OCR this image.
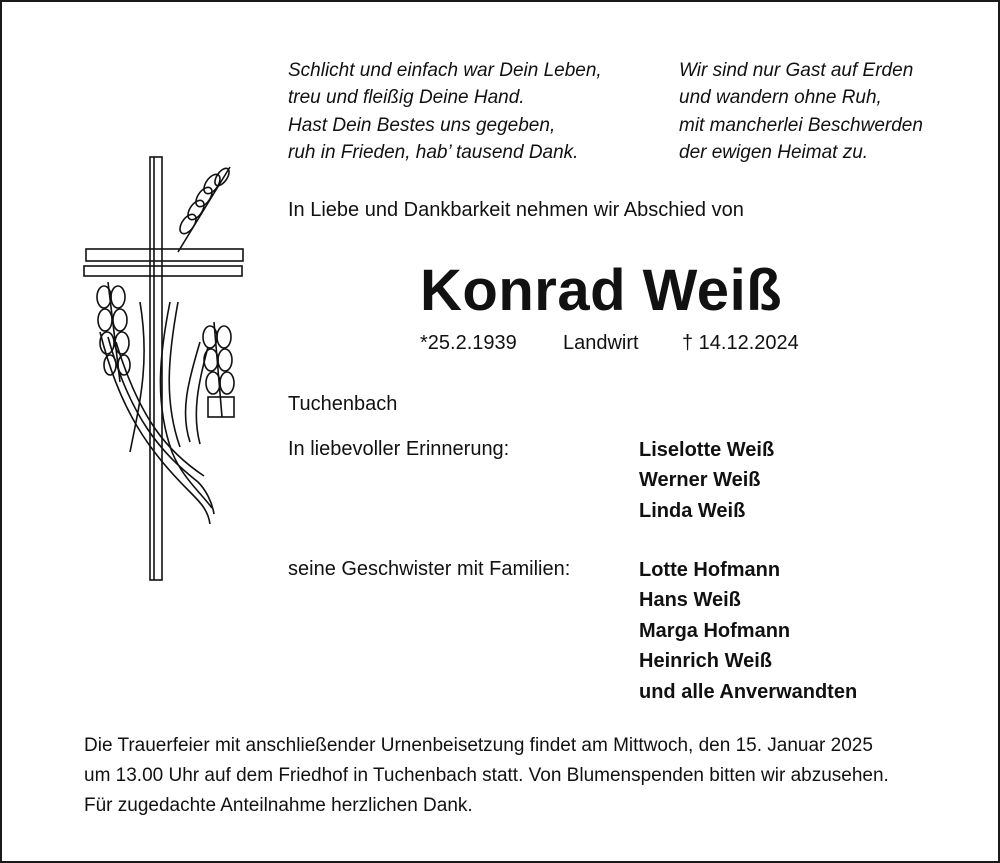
Schlicht und einfach war Dein Leben,
treu und fleißig Deine Hand.
Hast Dein Bestes uns gegeben,
ruh in Frieden, hab’ tausend Dank.
Wir sind nur Gast auf Erden
und wandern ohne Ruh,
mit mancherlei Beschwerden
der ewigen Heimat zu.
In Liebe und Dankbarkeit nehmen wir Abschied von
Konrad Weiß
*25.2.1939 Landwirt † 14.12.2024
Tuchenbach
In liebevoller Erinnerung:	Liselotte Weiß
Werner Weiß
Linda Weiß
seine Geschwister mit Familien:	Lotte Hofmann
Hans Weiß
Marga Hofmann
Heinrich Weiß
und alle Anverwandten
Die Trauerfeier mit anschließender Urnenbeisetzung findet am Mittwoch, den 15. Januar 2025
um 13.00 Uhr auf dem Friedhof in Tuchenbach statt. Von Blumenspenden bitten wir abzusehen.
Für zugedachte Anteilnahme herzlichen Dank.
